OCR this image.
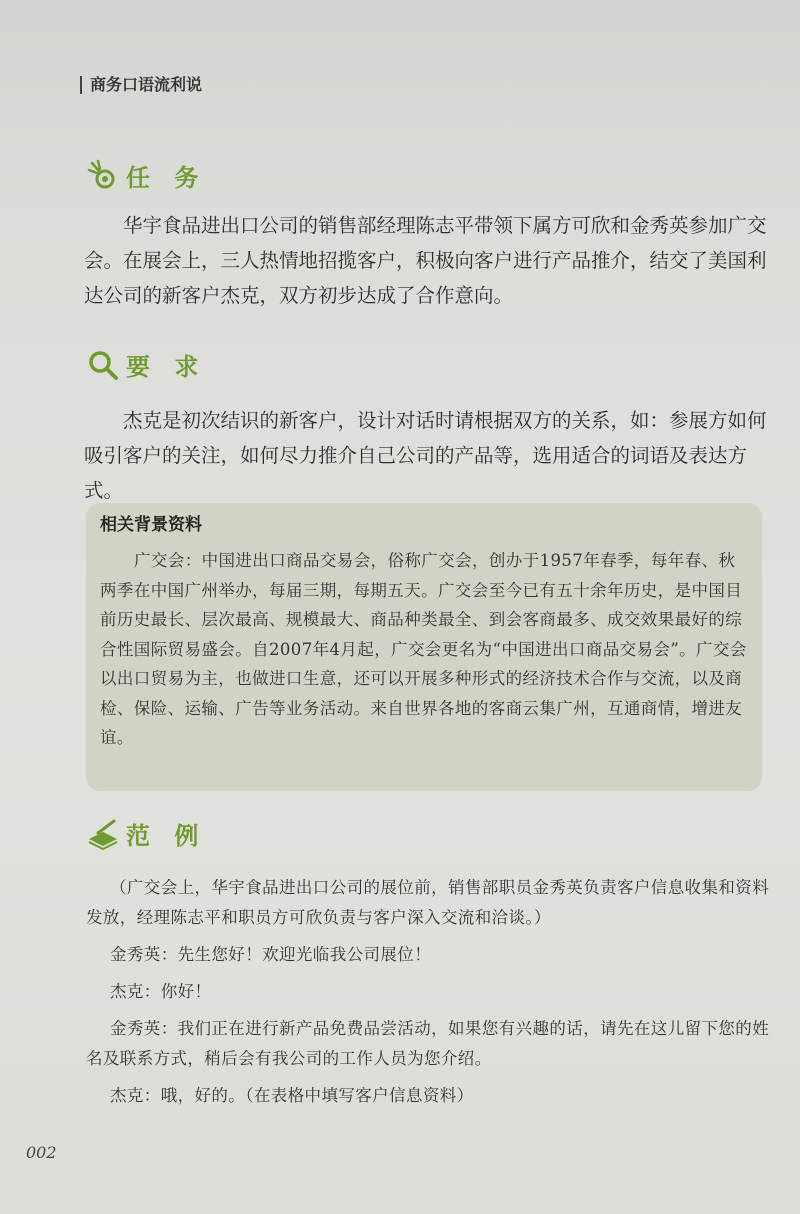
商务口语流利说
任 务
华宇食品进出口公司的销售部经理陈志平带领下属方可欣和金秀英参加广交会。在展会上，三人热情地招揽客户，积极向客户进行产品推介，结交了美国利达公司的新客户杰克，双方初步达成了合作意向。
要 求
杰克是初次结识的新客户，设计对话时请根据双方的关系，如：参展方如何吸引客户的关注，如何尽力推介自己公司的产品等，选用适合的词语及表达方式。
相关背景资料
广交会：中国进出口商品交易会，俗称广交会，创办于1957年春季，每年春、秋两季在中国广州举办，每届三期，每期五天。广交会至今已有五十余年历史，是中国目前历史最长、层次最高、规模最大、商品种类最全、到会客商最多、成交效果最好的综合性国际贸易盛会。自2007年4月起，广交会更名为“中国进出口商品交易会”。广交会以出口贸易为主，也做进口生意，还可以开展多种形式的经济技术合作与交流，以及商检、保险、运输、广告等业务活动。来自世界各地的客商云集广州，互通商情，增进友谊。
范 例

（广交会上，华宇食品进出口公司的展位前，销售部职员金秀英负责客户信息收集和资料发放，经理陈志平和职员方可欣负责与客户深入交流和洽谈。）

金秀英：先生您好！欢迎光临我公司展位！

杰克：你好！

金秀英：我们正在进行新产品免费品尝活动，如果您有兴趣的话，请先在这儿留下您的姓名及联系方式，稍后会有我公司的工作人员为您介绍。

杰克：哦，好的。（在表格中填写客户信息资料）

002
